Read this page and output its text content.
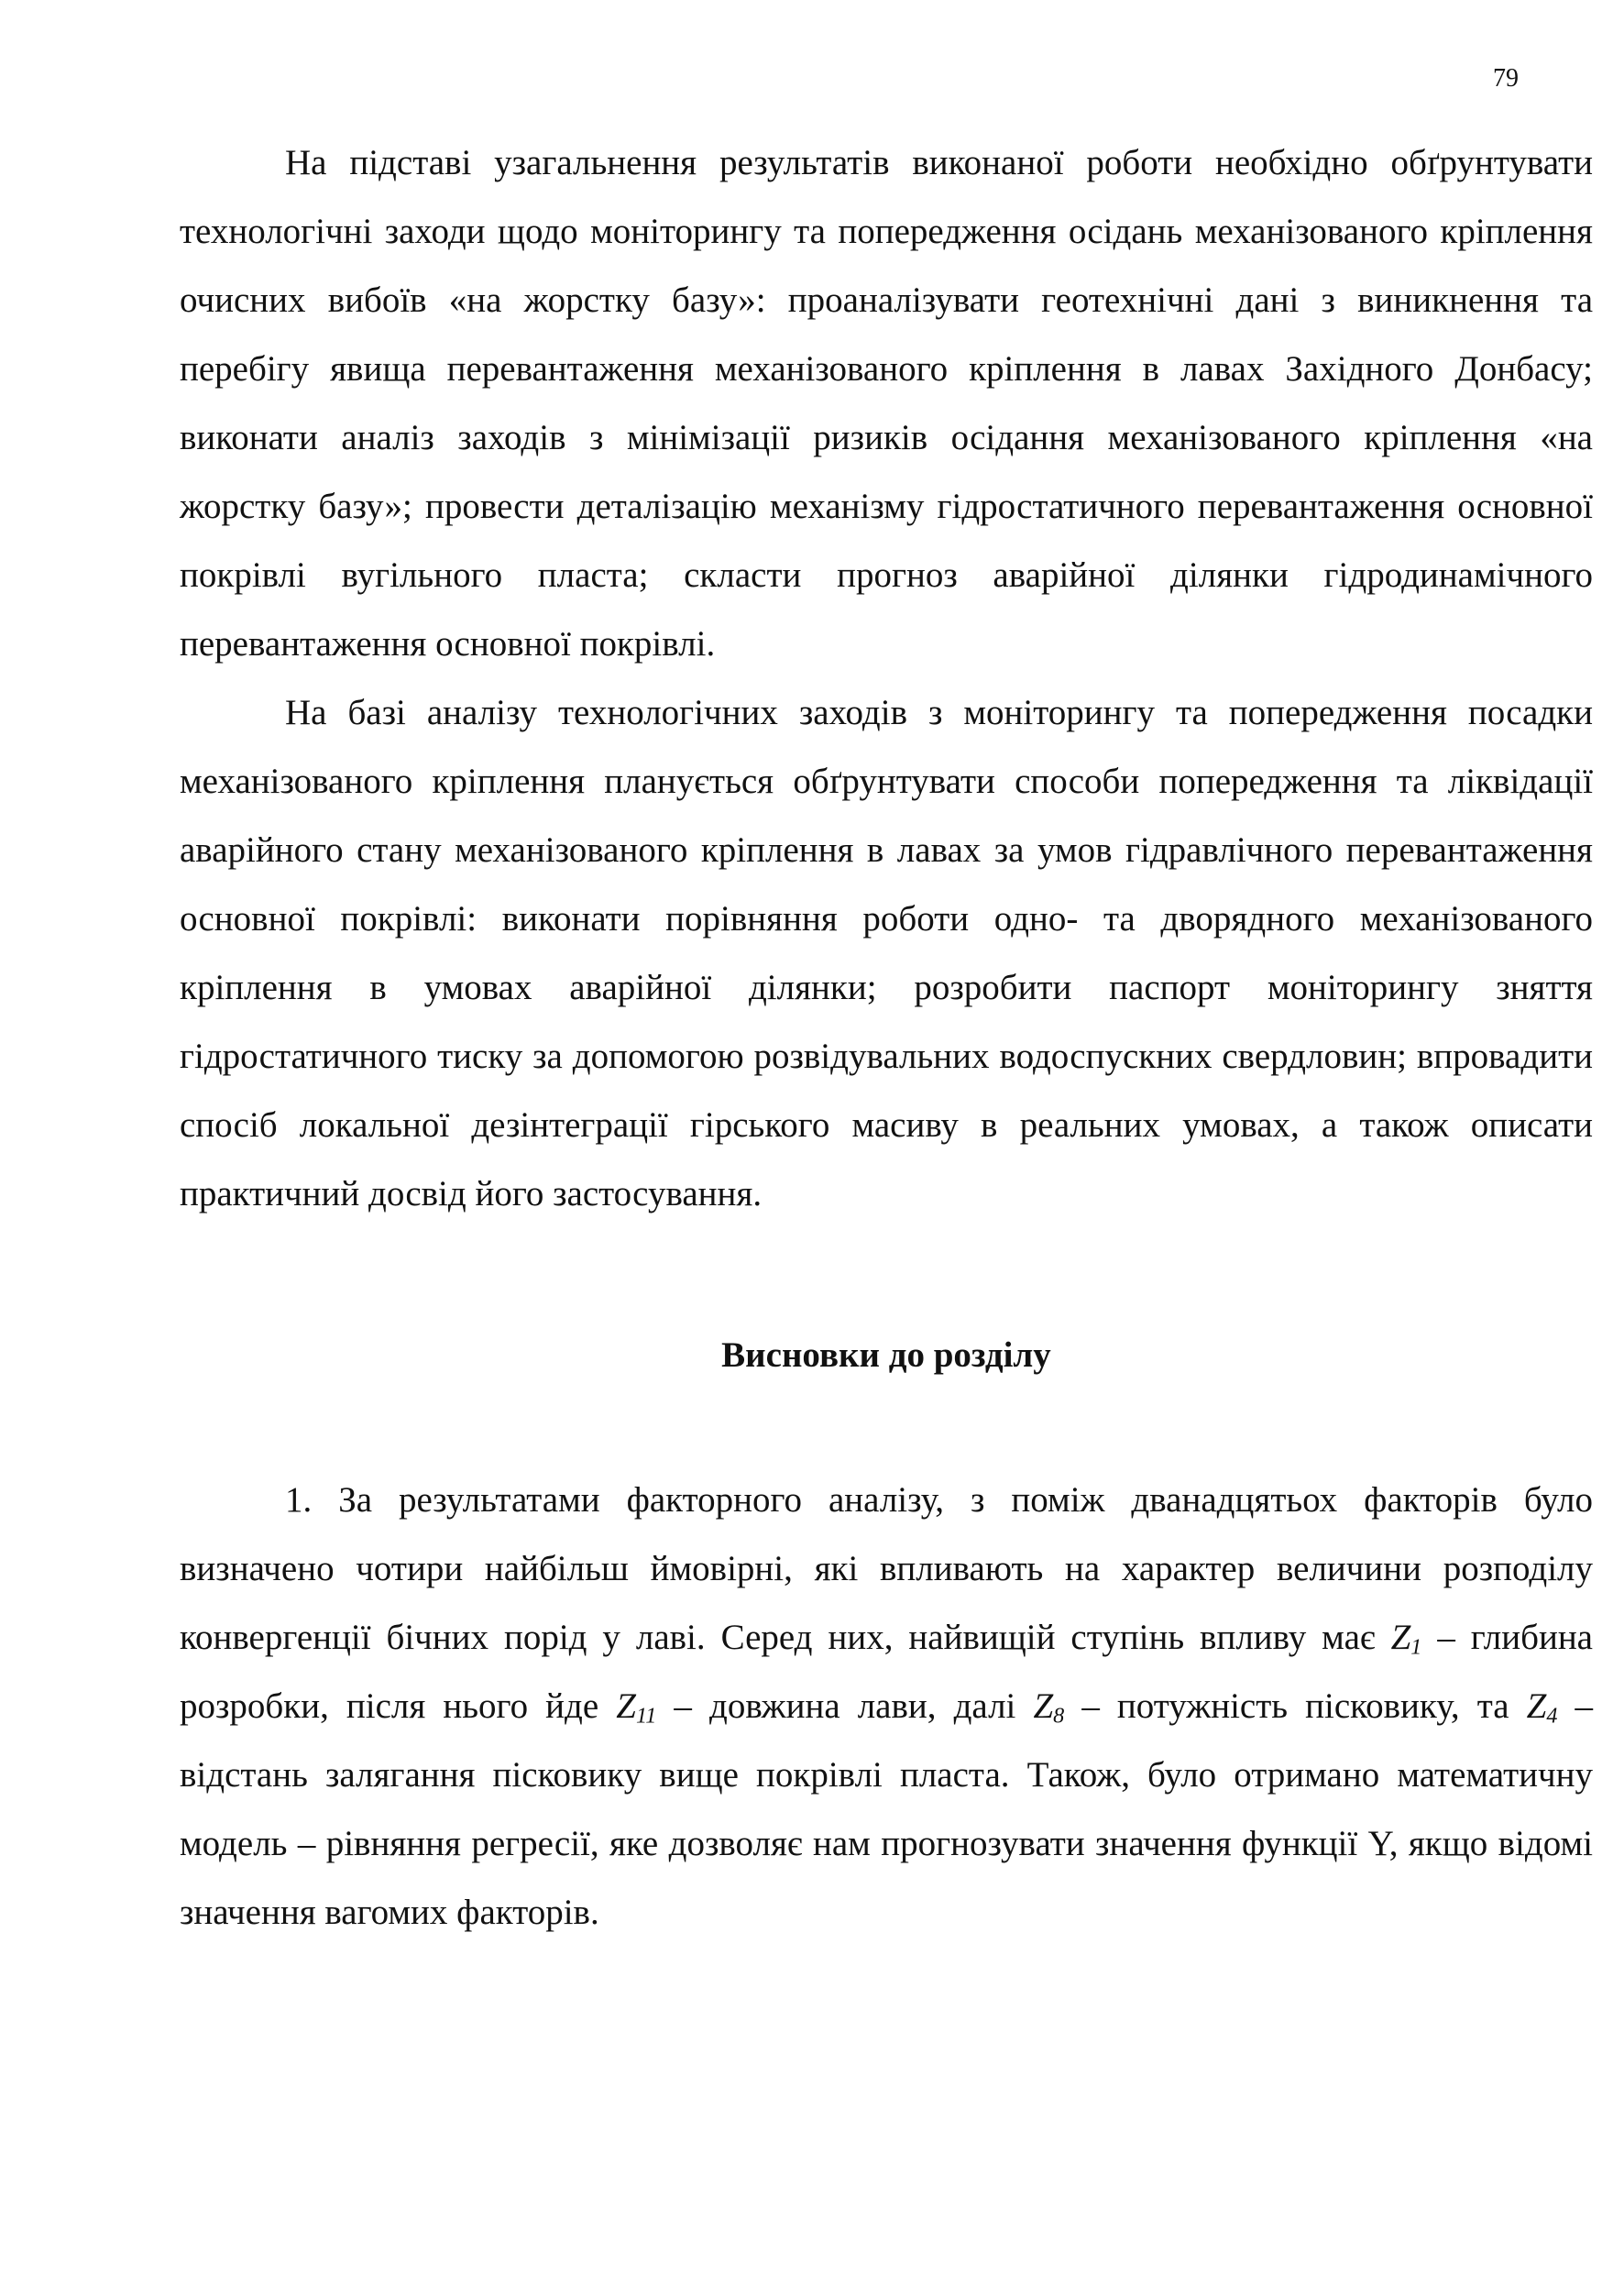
79

На підставі узагальнення результатів виконаної роботи необхідно обґрунтувати технологічні заходи щодо моніторингу та попередження осідань механізованого кріплення очисних вибоїв «на жорстку базу»: проаналізувати геотехнічні дані з виникнення та перебігу явища перевантаження механізованого кріплення в лавах Західного Донбасу; виконати аналіз заходів з мінімізації ризиків осідання механізованого кріплення «на жорстку базу»; провести деталізацію механізму гідростатичного перевантаження основної покрівлі вугільного пласта; скласти прогноз аварійної ділянки гідродинамічного перевантаження основної покрівлі.

На базі аналізу технологічних заходів з моніторингу та попередження посадки механізованого кріплення планується обґрунтувати способи попередження та ліквідації аварійного стану механізованого кріплення в лавах за умов гідравлічного перевантаження основної покрівлі: виконати порівняння роботи одно- та дворядного механізованого кріплення в умовах аварійної ділянки; розробити паспорт моніторингу зняття гідростатичного тиску за допомогою розвідувальних водоспускних свердловин; впровадити спосіб локальної дезінтеграції гірського масиву в реальних умовах, а також описати практичний досвід його застосування.

Висновки до розділу

1. За результатами факторного аналізу, з поміж дванадцятьох факторів було визначено чотири найбільш ймовірні, які впливають на характер величини розподілу конвергенції бічних порід у лаві. Серед них, найвищій ступінь впливу має $Z_1$ – глибина розробки, після нього йде $Z_{11}$ – довжина лави, далі $Z_8$ – потужність пісковику, та $Z_4$ – відстань залягання пісковику вище покрівлі пласта. Також, було отримано математичну модель – рівняння регресії, яке дозволяє нам прогнозувати значення функції Y, якщо відомі значення вагомих факторів.
